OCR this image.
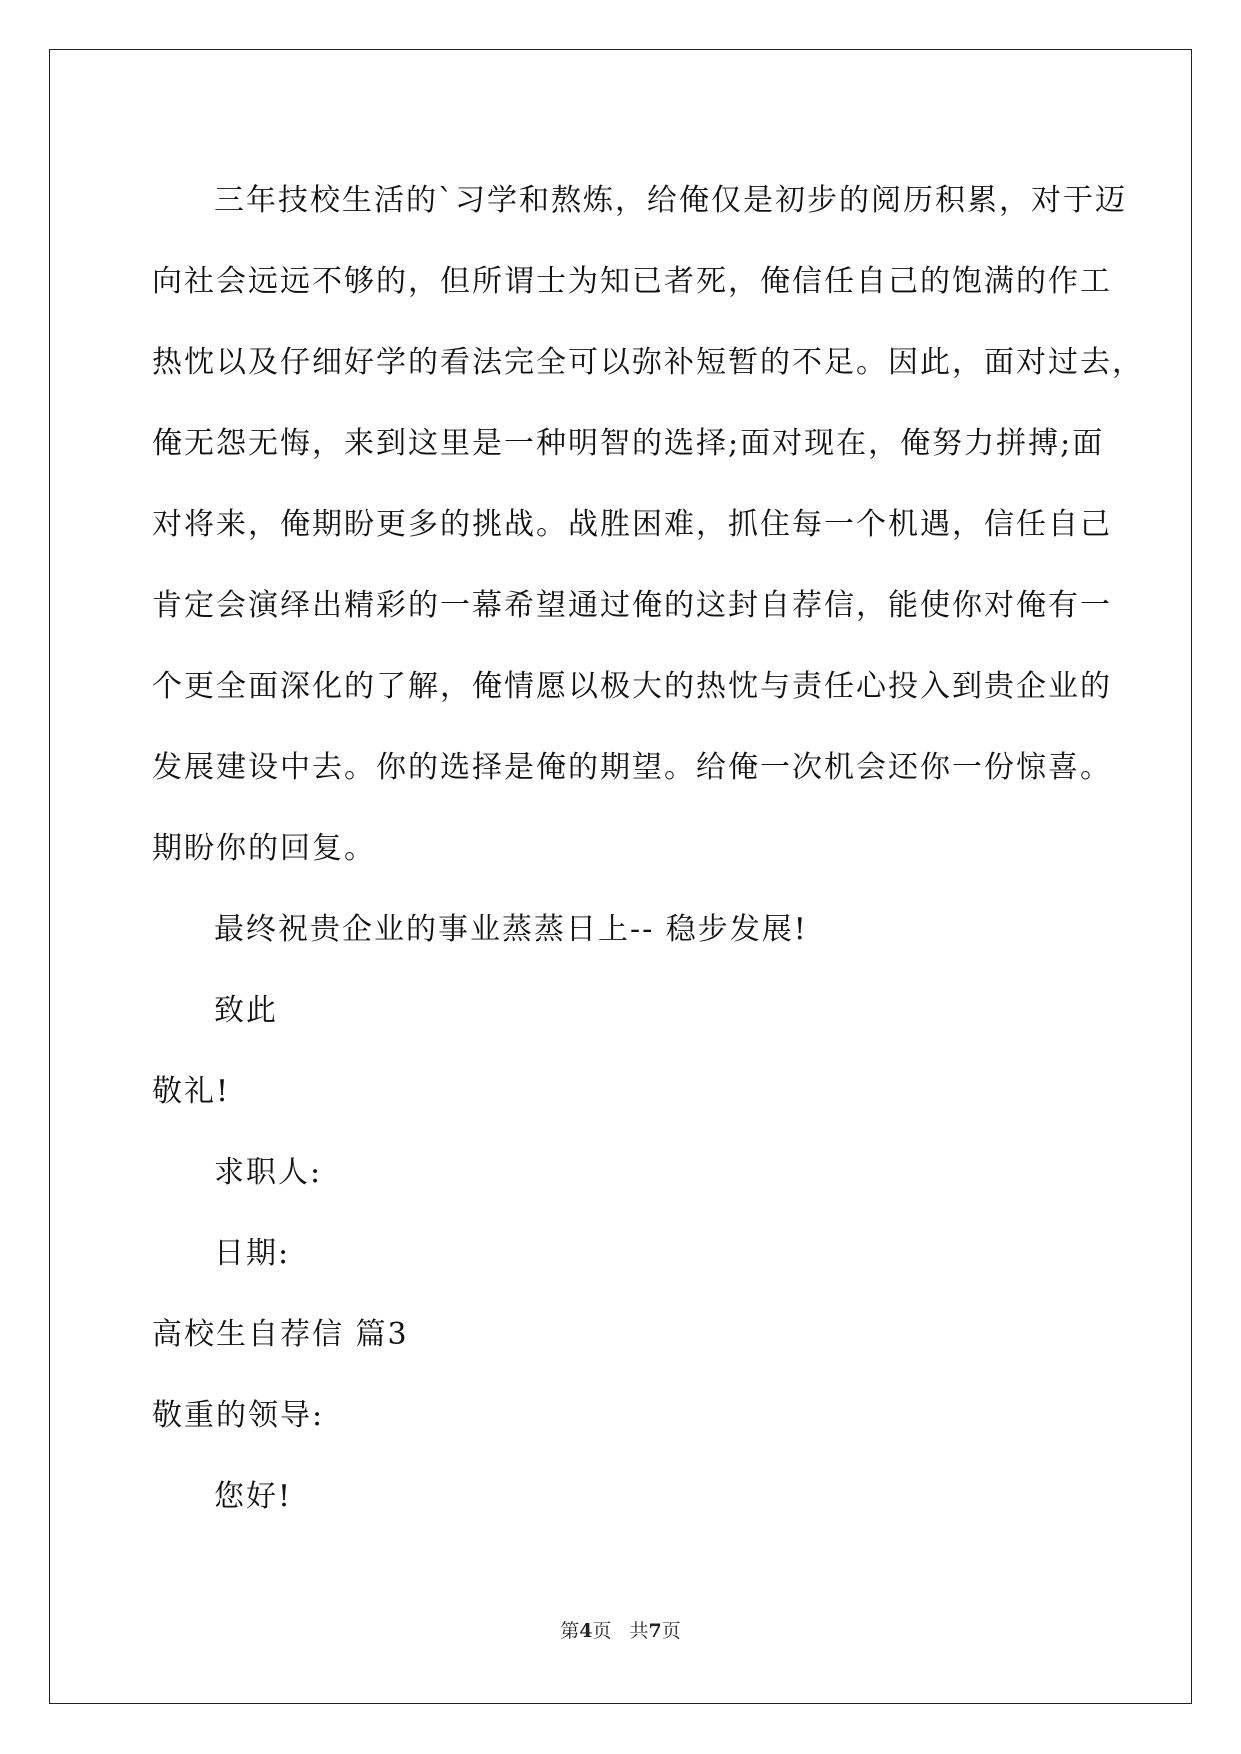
三年技校生活的`习学和熬炼，给俺仅是初步的阅历积累，对于迈
向社会远远不够的，但所谓士为知已者死，俺信任自己的饱满的作工
热忱以及仔细好学的看法完全可以弥补短暂的不足。因此，面对过去，
俺无怨无悔，来到这里是一种明智的选择;面对现在，俺努力拼搏;面
对将来，俺期盼更多的挑战。战胜困难，抓住每一个机遇，信任自己
肯定会演绎出精彩的一幕希望通过俺的这封自荐信，能使你对俺有一
个更全面深化的了解，俺情愿以极大的热忱与责任心投入到贵企业的
发展建设中去。你的选择是俺的期望。给俺一次机会还你一份惊喜。
期盼你的回复。
最终祝贵企业的事业蒸蒸日上-- 稳步发展!
致此
敬礼!
求职人:
日期:
高校生自荐信 篇3
敬重的领导:
您好!
第4页 共7页
